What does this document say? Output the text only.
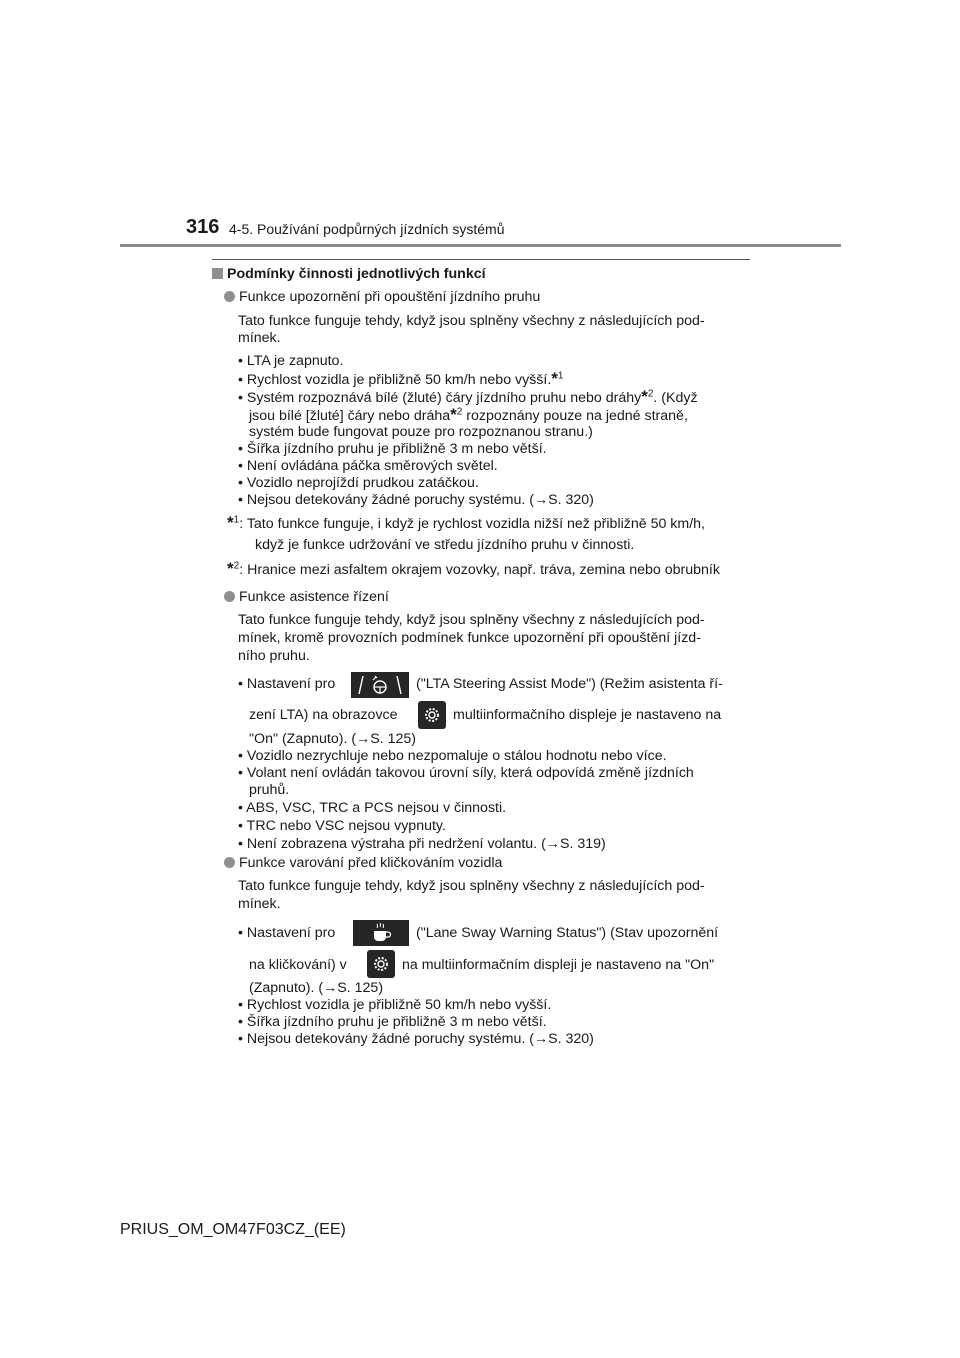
316 4-5. Používání podpůrných jízdních systémů
Podmínky činnosti jednotlivých funkcí
Funkce upozornění při opouštění jízdního pruhu
Tato funkce funguje tehdy, když jsou splněny všechny z následujících pod-
mínek.
• LTA je zapnuto.
• Rychlost vozidla je přibližně 50 km/h nebo vyšší.*$^1$
• Systém rozpoznává bílé (žluté) čáry jízdního pruhu nebo dráhy*$^2$. (Když
jsou bílé [žluté] čáry nebo dráha*$^2$ rozpoznány pouze na jedné straně,
systém bude fungovat pouze pro rozpoznanou stranu.)
• Šířka jízdního pruhu je přibližně 3 m nebo větší.
• Není ovládána páčka směrových světel.
• Vozidlo neprojíždí prudkou zatáčkou.
• Nejsou detekovány žádné poruchy systému. (→S. 320)
*$^1$: Tato funkce funguje, i když je rychlost vozidla nižší než přibližně 50 km/h,
když je funkce udržování ve středu jízdního pruhu v činnosti.
*$^2$: Hranice mezi asfaltem okrajem vozovky, např. tráva, zemina nebo obrubník
Funkce asistence řízení
Tato funkce funguje tehdy, když jsou splněny všechny z následujících pod-
mínek, kromě provozních podmínek funkce upozornění při opouštění jízd-
ního pruhu.
• Nastavení pro	("LTA Steering Assist Mode") (Režim asistenta ří-
zení LTA) na obrazovce	multiinformačního displeje je nastaveno na
"On" (Zapnuto). (→S. 125)
• Vozidlo nezrychluje nebo nezpomaluje o stálou hodnotu nebo více.
• Volant není ovládán takovou úrovní síly, která odpovídá změně jízdních
pruhů.
• ABS, VSC, TRC a PCS nejsou v činnosti.
• TRC nebo VSC nejsou vypnuty.
• Není zobrazena výstraha při nedržení volantu. (→S. 319)
Funkce varování před kličkováním vozidla
Tato funkce funguje tehdy, když jsou splněny všechny z následujících pod-
mínek.
• Nastavení pro	("Lane Sway Warning Status") (Stav upozornění
na kličkování) v	na multiinformačním displeji je nastaveno na "On"
(Zapnuto). (→S. 125)
• Rychlost vozidla je přibližně 50 km/h nebo vyšší.
• Šířka jízdního pruhu je přibližně 3 m nebo větší.
• Nejsou detekovány žádné poruchy systému. (→S. 320)
PRIUS_OM_OM47F03CZ_(EE)
